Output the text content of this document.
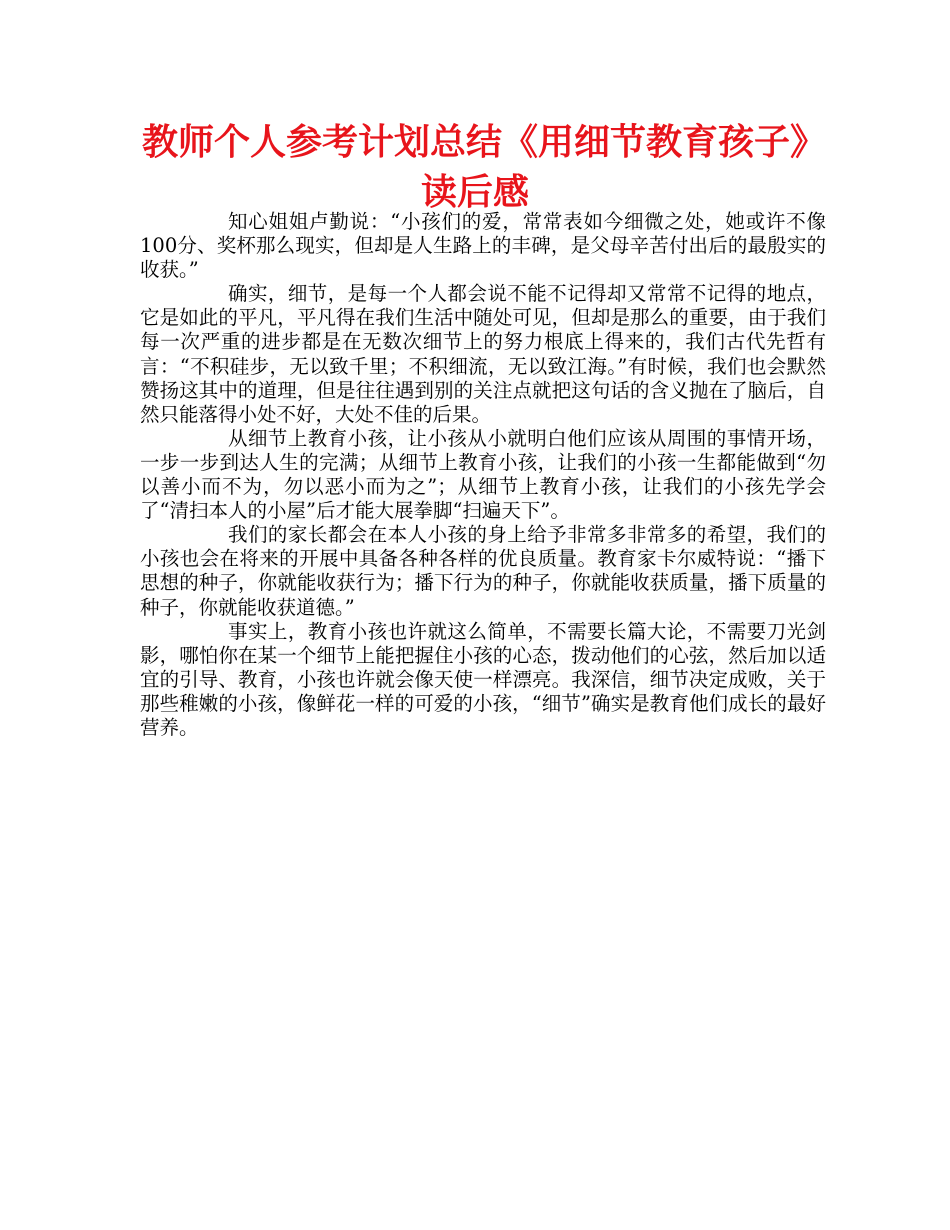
教师个人参考计划总结《用细节教育孩子》读后感

知心姐姐卢勤说：“小孩们的爱，常常表如今细微之处，她或许不像100分、奖杯那么现实，但却是人生路上的丰碑，是父母辛苦付出后的最殷实的收获。”

确实，细节，是每一个人都会说不能不记得却又常常不记得的地点，它是如此的平凡，平凡得在我们生活中随处可见，但却是那么的重要，由于我们每一次严重的进步都是在无数次细节上的努力根底上得来的，我们古代先哲有言：“不积硅步，无以致千里；不积细流，无以致江海。”有时候，我们也会默然赞扬这其中的道理，但是往往遇到别的关注点就把这句话的含义抛在了脑后，自然只能落得小处不好，大处不佳的后果。

从细节上教育小孩，让小孩从小就明白他们应该从周围的事情开场，一步一步到达人生的完满；从细节上教育小孩，让我们的小孩一生都能做到“勿以善小而不为，勿以恶小而为之”；从细节上教育小孩，让我们的小孩先学会了“清扫本人的小屋”后才能大展拳脚“扫遍天下”。

我们的家长都会在本人小孩的身上给予非常多非常多的希望，我们的小孩也会在将来的开展中具备各种各样的优良质量。教育家卡尔威特说：“播下思想的种子，你就能收获行为；播下行为的种子，你就能收获质量，播下质量的种子，你就能收获道德。”

事实上，教育小孩也许就这么简单，不需要长篇大论，不需要刀光剑影，哪怕你在某一个细节上能把握住小孩的心态，拨动他们的心弦，然后加以适宜的引导、教育，小孩也许就会像天使一样漂亮。我深信，细节决定成败，关于那些稚嫩的小孩，像鲜花一样的可爱的小孩，“细节”确实是教育他们成长的最好营养。
